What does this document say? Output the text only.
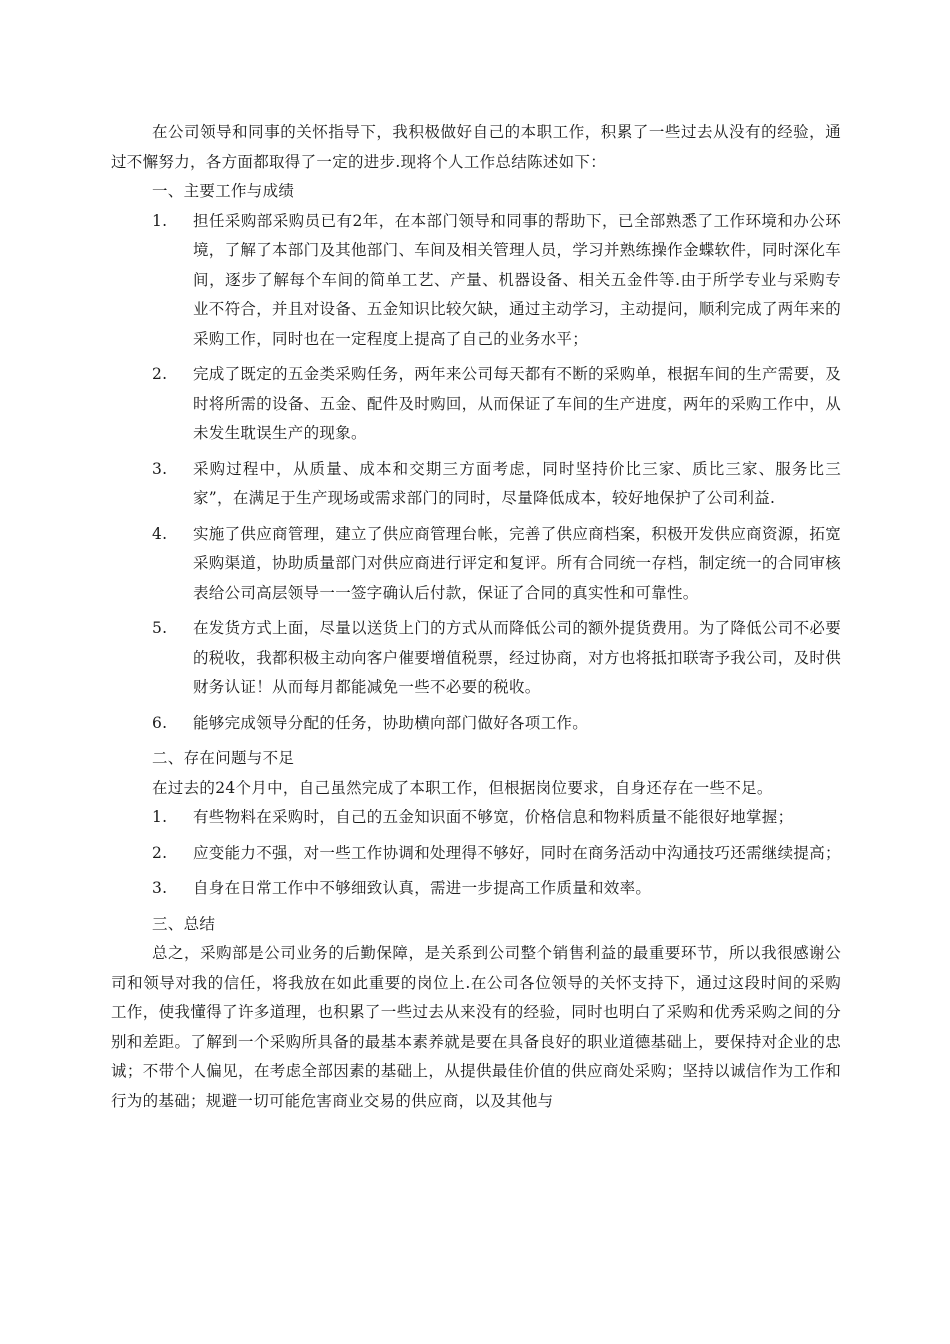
在公司领导和同事的关怀指导下，我积极做好自己的本职工作，积累了一些过去从没有的经验，通过不懈努力，各方面都取得了一定的进步.现将个人工作总结陈述如下：

一、主要工作与成绩

1.	担任采购部采购员已有2年，在本部门领导和同事的帮助下，已全部熟悉了工作环境和办公环境，了解了本部门及其他部门、车间及相关管理人员，学习并熟练操作金蝶软件，同时深化车间，逐步了解每个车间的简单工艺、产量、机器设备、相关五金件等.由于所学专业与采购专业不符合，并且对设备、五金知识比较欠缺，通过主动学习，主动提问，顺利完成了两年来的采购工作，同时也在一定程度上提高了自己的业务水平；
2.	完成了既定的五金类采购任务，两年来公司每天都有不断的采购单，根据车间的生产需要，及时将所需的设备、五金、配件及时购回，从而保证了车间的生产进度，两年的采购工作中，从未发生耽误生产的现象。
3.	采购过程中，从质量、成本和交期三方面考虑，同时坚持价比三家、质比三家、服务比三家”，在满足于生产现场或需求部门的同时，尽量降低成本，较好地保护了公司利益.
4.	实施了供应商管理，建立了供应商管理台帐，完善了供应商档案，积极开发供应商资源，拓宽采购渠道，协助质量部门对供应商进行评定和复评。所有合同统一存档，制定统一的合同审核表给公司高层领导一一签字确认后付款，保证了合同的真实性和可靠性。
5.	在发货方式上面，尽量以送货上门的方式从而降低公司的额外提货费用。为了降低公司不必要的税收，我都积极主动向客户催要增值税票，经过协商，对方也将抵扣联寄予我公司，及时供财务认证！从而每月都能减免一些不必要的税收。
6.	能够完成领导分配的任务，协助横向部门做好各项工作。

二、存在问题与不足

在过去的24个月中，自己虽然完成了本职工作，但根据岗位要求，自身还存在一些不足。

1. 有些物料在采购时，自己的五金知识面不够宽，价格信息和物料质量不能很好地掌握；
2. 应变能力不强，对一些工作协调和处理得不够好，同时在商务活动中沟通技巧还需继续提高；
3. 自身在日常工作中不够细致认真，需进一步提高工作质量和效率。

三、总结

总之，采购部是公司业务的后勤保障，是关系到公司整个销售利益的最重要环节，所以我很感谢公司和领导对我的信任，将我放在如此重要的岗位上.在公司各位领导的关怀支持下，通过这段时间的采购工作，使我懂得了许多道理，也积累了一些过去从来没有的经验，同时也明白了采购和优秀采购之间的分别和差距。了解到一个采购所具备的最基本素养就是要在具备良好的职业道德基础上，要保持对企业的忠诚；不带个人偏见，在考虑全部因素的基础上，从提供最佳价值的供应商处采购；坚持以诚信作为工作和行为的基础；规避一切可能危害商业交易的供应商，以及其他与
